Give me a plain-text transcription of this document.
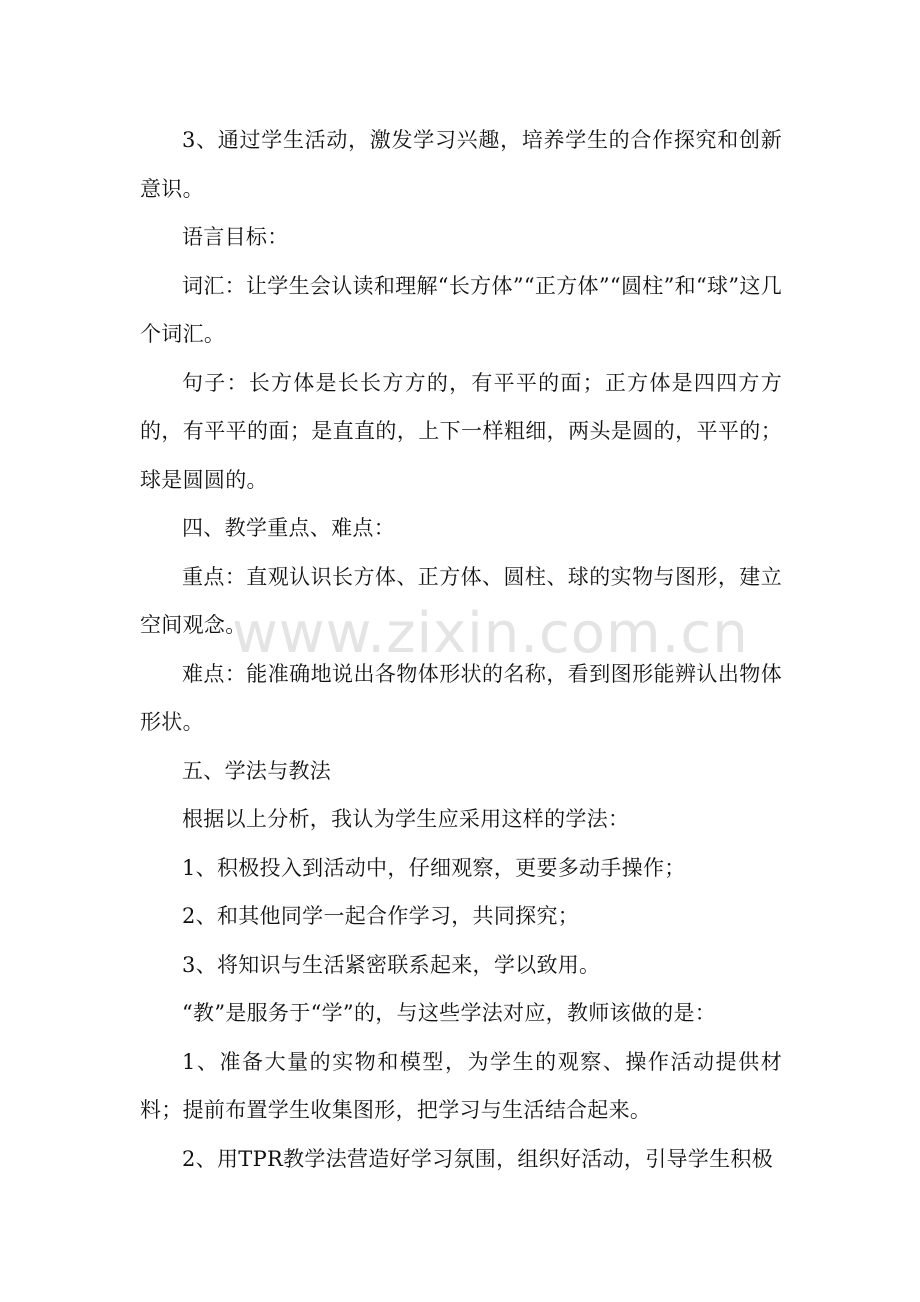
3、通过学生活动，激发学习兴趣，培养学生的合作探究和创新意识。

语言目标：

词汇：让学生会认读和理解“长方体”“正方体”“圆柱”和“球”这几个词汇。

句子：长方体是长长方方的，有平平的面；正方体是四四方方的，有平平的面；是直直的，上下一样粗细，两头是圆的，平平的；球是圆圆的。

四、教学重点、难点：

重点：直观认识长方体、正方体、圆柱、球的实物与图形，建立空间观念。

难点：能准确地说出各物体形状的名称，看到图形能辨认出物体形状。

五、学法与教法

根据以上分析，我认为学生应采用这样的学法：

1、积极投入到活动中，仔细观察，更要多动手操作；

2、和其他同学一起合作学习，共同探究；

3、将知识与生活紧密联系起来，学以致用。

“教”是服务于“学”的，与这些学法对应，教师该做的是：

1、准备大量的实物和模型，为学生的观察、操作活动提供材料；提前布置学生收集图形，把学习与生活结合起来。

2、用TPR教学法营造好学习氛围，组织好活动，引导学生积极

www.zixin.com.cn
